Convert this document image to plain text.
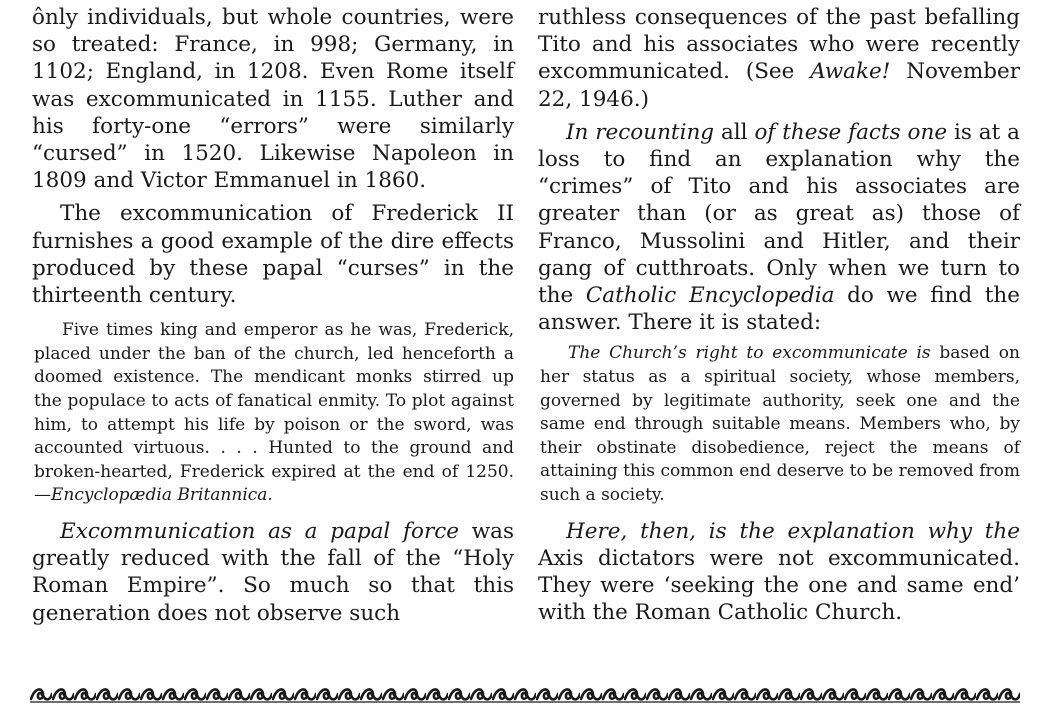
ônly individuals, but whole countries, were so treated: France, in 998; Germany, in 1102; England, in 1208. Even Rome itself was excommunicated in 1155. Luther and his forty-one “errors” were similarly “cursed” in 1520. Likewise Napoleon in 1809 and Victor Emmanuel in 1860.

The excommunication of Frederick II furnishes a good example of the dire effects produced by these papal “curses” in the thirteenth century.

Five times king and emperor as he was, Frederick, placed under the ban of the church, led henceforth a doomed existence. The mendicant monks stirred up the populace to acts of fanatical enmity. To plot against him, to attempt his life by poison or the sword, was accounted virtuous. . . . Hunted to the ground and broken-hearted, Frederick expired at the end of 1250.—Encyclopædia Britannica.

Excommunication as a papal force was greatly reduced with the fall of the “Holy Roman Empire”. So much so that this generation does not observe such

ruthless consequences of the past befalling Tito and his associates who were recently excommunicated. (See Awake! November 22, 1946.)

In recounting all of these facts one is at a loss to find an explanation why the “crimes” of Tito and his associates are greater than (or as great as) those of Franco, Mussolini and Hitler, and their gang of cutthroats. Only when we turn to the Catholic Encyclopedia do we find the answer. There it is stated:

The Church’s right to excommunicate is based on her status as a spiritual society, whose members, governed by legitimate authority, seek one and the same end through suitable means. Members who, by their obstinate disobedience, reject the means of attaining this common end deserve to be removed from such a society.

Here, then, is the explanation why the Axis dictators were not excommunicated. They were ‘seeking the one and same end’ with the Roman Catholic Church.
